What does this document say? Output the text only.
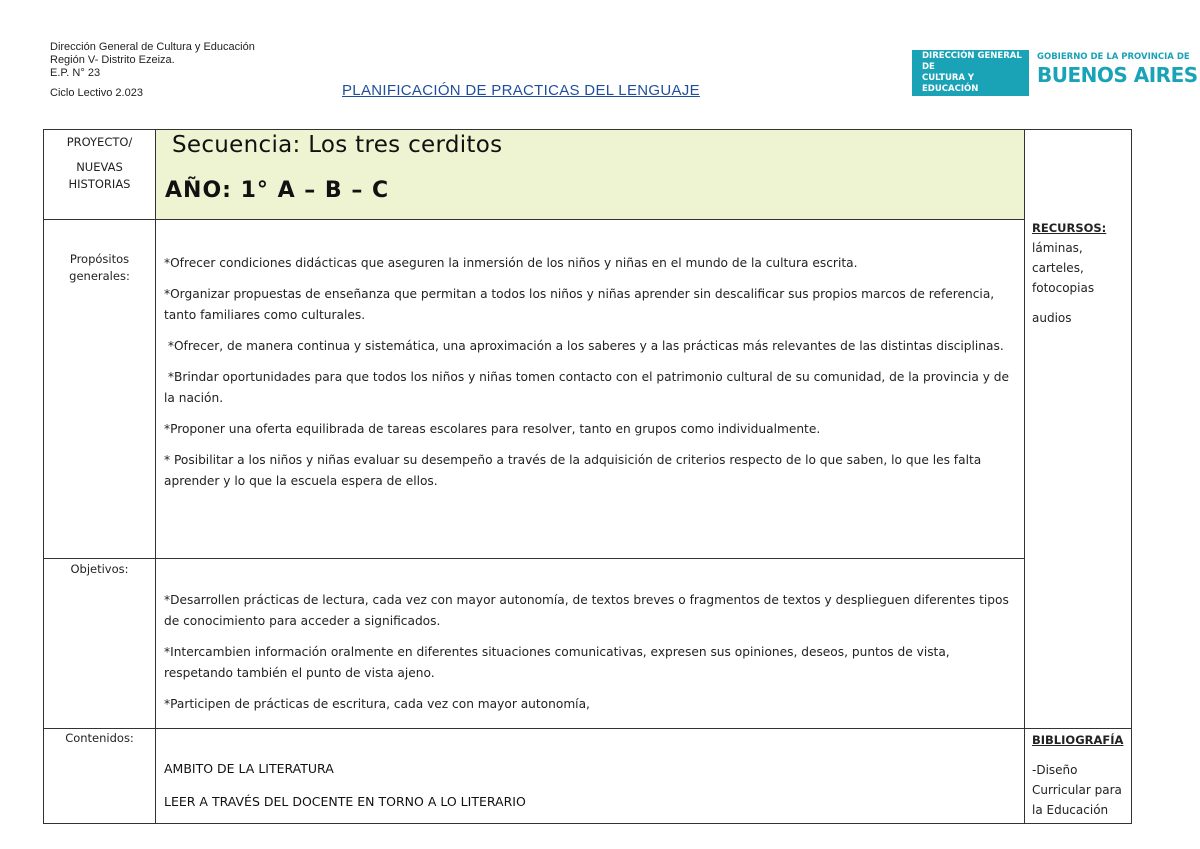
Dirección General de Cultura y Educación
Región V- Distrito Ezeiza.
E.P. N° 23
Ciclo Lectivo 2.023	PLANIFICACIÓN DE PRACTICAS DEL LENGUAJE
DIRECCIÓN GENERAL DE
CULTURA Y EDUCACIÓN
GOBIERNO DE LA PROVINCIA DE
BUENOS AIRES
PROYECTO/
NUEVAS
HISTORIAS
Secuencia: Los tres cerditos
AÑO: 1° A – B – C
Propósitos
generales:

*Ofrecer condiciones didácticas que aseguren la inmersión de los niños y niñas en el mundo de la cultura escrita.

*Organizar propuestas de enseñanza que permitan a todos los niños y niñas aprender sin descalificar sus propios marcos de referencia, tanto familiares como culturales.

*Ofrecer, de manera continua y sistemática, una aproximación a los saberes y a las prácticas más relevantes de las distintas disciplinas.

*Brindar oportunidades para que todos los niños y niñas tomen contacto con el patrimonio cultural de su comunidad, de la provincia y de la nación.

*Proponer una oferta equilibrada de tareas escolares para resolver, tanto en grupos como individualmente.

* Posibilitar a los niños y niñas evaluar su desempeño a través de la adquisición de criterios respecto de lo que saben, lo que les falta aprender y lo que la escuela espera de ellos.

Objetivos:

*Desarrollen prácticas de lectura, cada vez con mayor autonomía, de textos breves o fragmentos de textos y desplieguen diferentes tipos de conocimiento para acceder a significados.

*Intercambien información oralmente en diferentes situaciones comunicativas, expresen sus opiniones, deseos, puntos de vista, respetando también el punto de vista ajeno.

*Participen de prácticas de escritura, cada vez con mayor autonomía,

RECURSOS:
láminas,
carteles,
fotocopias
audios
Contenidos:
AMBITO DE LA LITERATURA
LEER A TRAVÉS DEL DOCENTE EN TORNO A LO LITERARIO
BIBLIOGRAFÍA
-Diseño
Curricular para
la Educación
